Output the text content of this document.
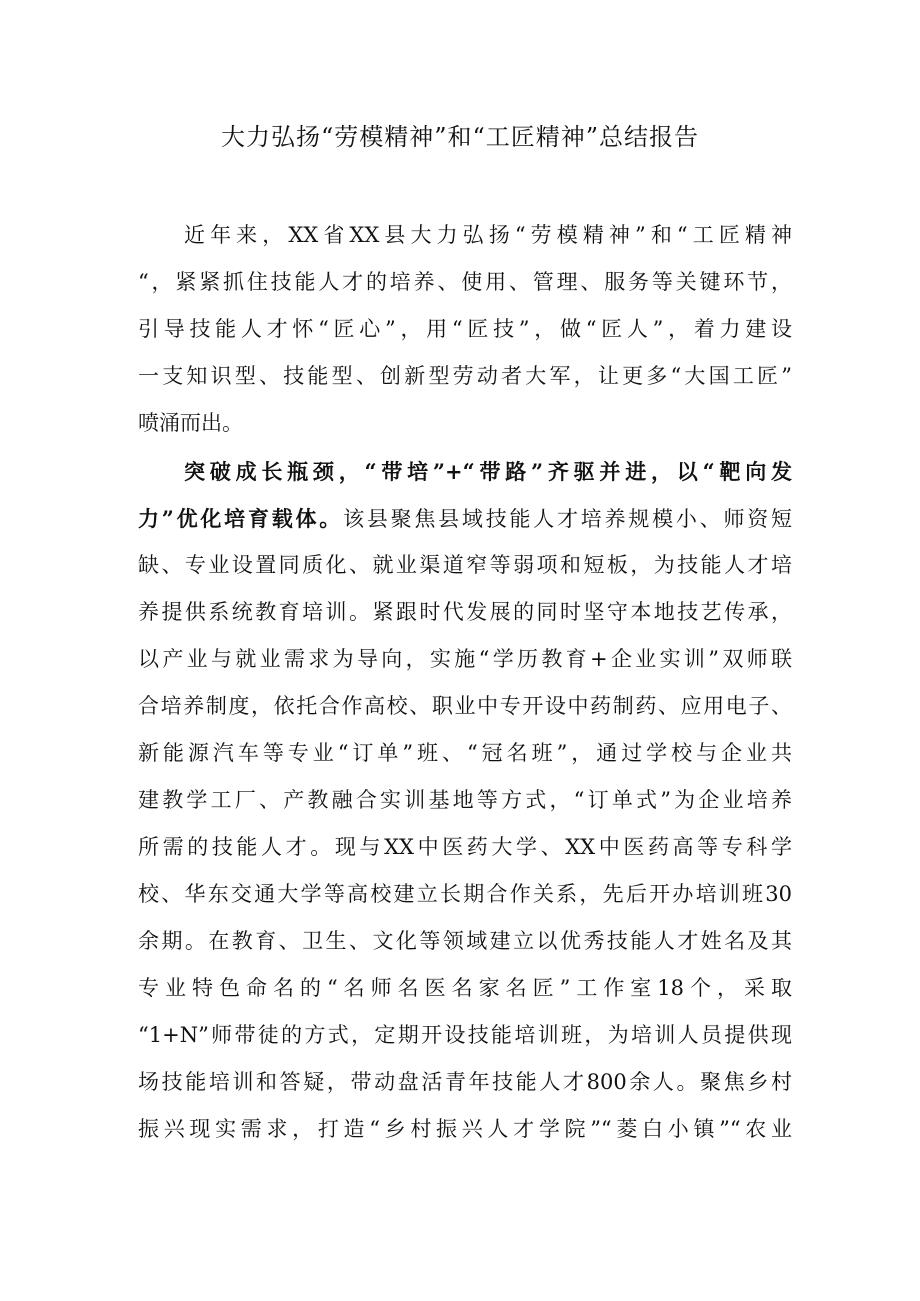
大力弘扬“劳模精神”和“工匠精神”总结报告
近年来，XX省XX县大力弘扬“劳模精神”和“工匠精神
“，紧紧抓住技能人才的培养、使用、管理、服务等关键环节，
引导技能人才怀“匠心”，用“匠技”，做“匠人”，着力建设
一支知识型、技能型、创新型劳动者大军，让更多“大国工匠”
喷涌而出。
突破成长瓶颈，“带培”+“带路”齐驱并进，以“靶向发
力”优化培育载体。该县聚焦县域技能人才培养规模小、师资短
缺、专业设置同质化、就业渠道窄等弱项和短板，为技能人才培
养提供系统教育培训。紧跟时代发展的同时坚守本地技艺传承，
以产业与就业需求为导向，实施“学历教育+企业实训”双师联
合培养制度，依托合作高校、职业中专开设中药制药、应用电子、
新能源汽车等专业“订单”班、“冠名班”，通过学校与企业共
建教学工厂、产教融合实训基地等方式，“订单式”为企业培养
所需的技能人才。现与XX中医药大学、XX中医药高等专科学
校、华东交通大学等高校建立长期合作关系，先后开办培训班30
余期。在教育、卫生、文化等领域建立以优秀技能人才姓名及其
专业特色命名的“名师名医名家名匠”工作室18个，采取
“1+N”师带徒的方式，定期开设技能培训班，为培训人员提供现
场技能培训和答疑，带动盘活青年技能人才800余人。聚焦乡村
振兴现实需求，打造“乡村振兴人才学院”“菱白小镇”“农业
